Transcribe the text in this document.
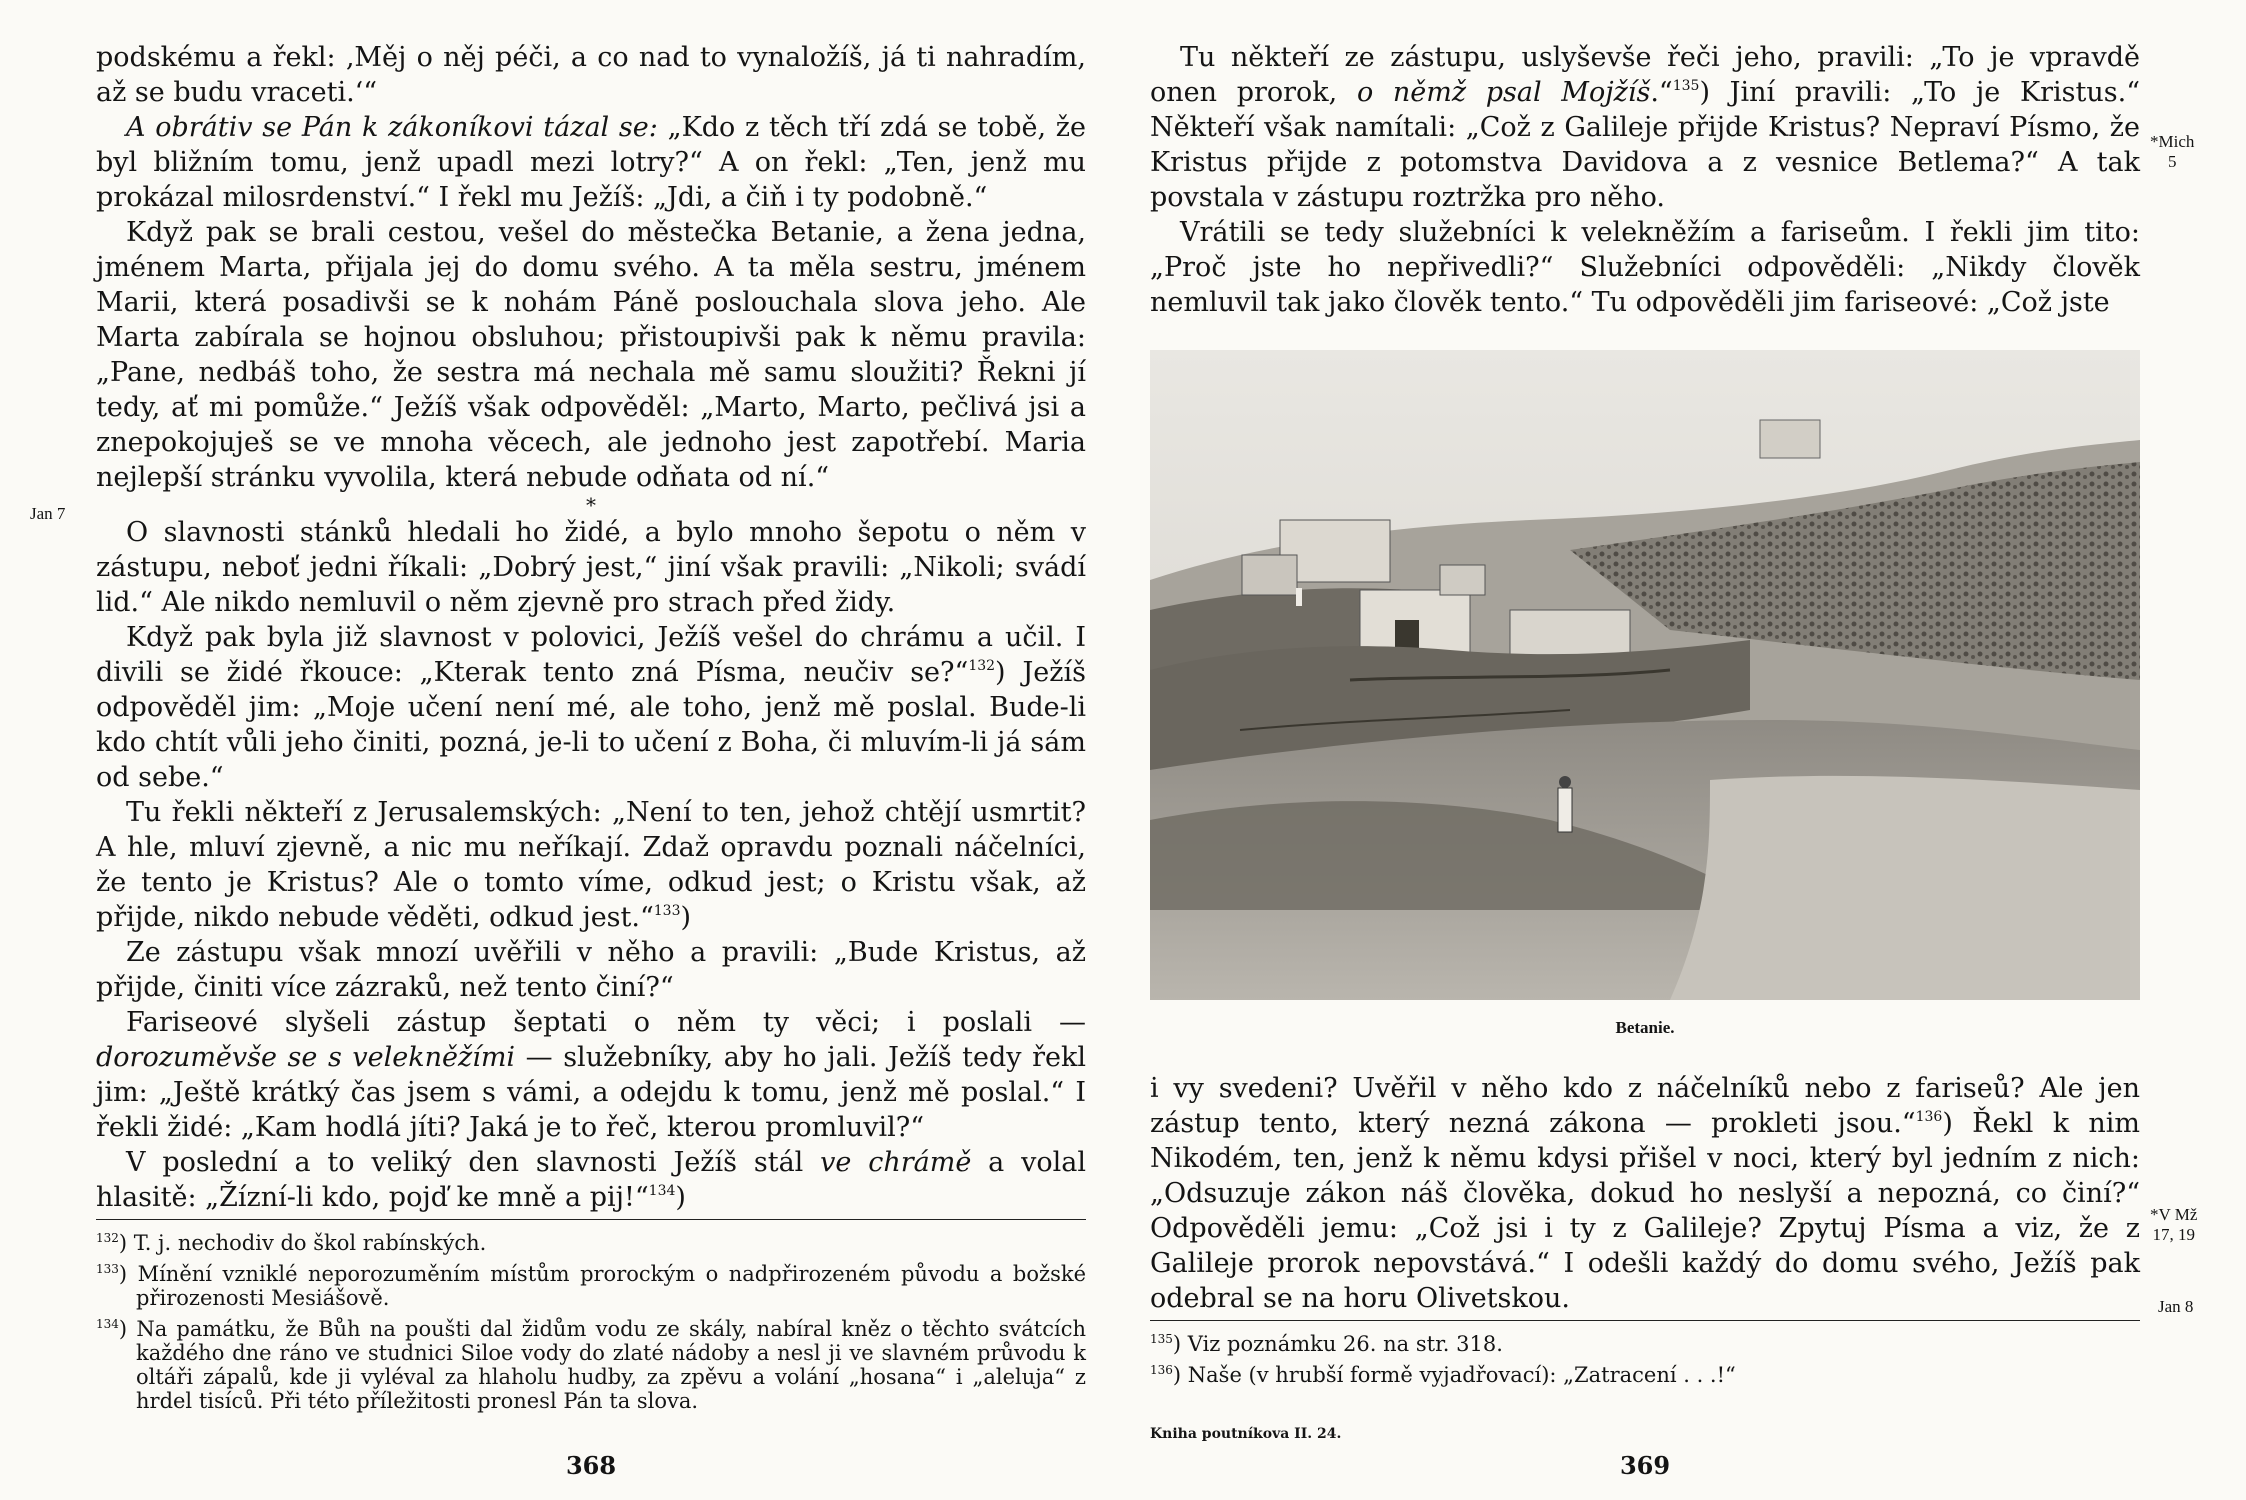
podskému a řekl: ‚Měj o něj péči, a co nad to vynaložíš, já ti nahradím, až se budu vraceti.‘“

A obrátiv se Pán k zákoníkovi tázal se: „Kdo z těch tří zdá se tobě, že byl bližním tomu, jenž upadl mezi lotry?“ A on řekl: „Ten, jenž mu prokázal milosrdenství.“ I řekl mu Ježíš: „Jdi, a čiň i ty podobně.“

Když pak se brali cestou, vešel do městečka Betanie, a žena jedna, jménem Marta, přijala jej do domu svého. A ta měla sestru, jménem Marii, která posadivši se k nohám Páně poslouchala slova jeho. Ale Marta zabírala se hojnou obsluhou; přistoupivši pak k němu pravila: „Pane, nedbáš toho, že sestra má nechala mě samu sloužiti? Řekni jí tedy, ať mi pomůže.“ Ježíš však odpověděl: „Marto, Marto, pečlivá jsi a znepokojuješ se ve mnoha věcech, ale jednoho jest zapotřebí. Maria nejlepší stránku vyvolila, která nebude odňata od ní.“

*

O slavnosti stánků hledali ho židé, a bylo mnoho šepotu o něm v zástupu, neboť jedni říkali: „Dobrý jest,“ jiní však pravili: „Nikoli; svádí lid.“ Ale nikdo nemluvil o něm zjevně pro strach před židy.

Když pak byla již slavnost v polovici, Ježíš vešel do chrámu a učil. I divili se židé řkouce: „Kterak tento zná Písma, neučiv se?“$^{132}$) Ježíš odpověděl jim: „Moje učení není mé, ale toho, jenž mě poslal. Bude-li kdo chtít vůli jeho činiti, pozná, je-li to učení z Boha, či mluvím-li já sám od sebe.“

Tu řekli někteří z Jerusalemských: „Není to ten, jehož chtějí usmrtit? A hle, mluví zjevně, a nic mu neříkají. Zdaž opravdu poznali náčelníci, že tento je Kristus? Ale o tomto víme, odkud jest; o Kristu však, až přijde, nikdo nebude věděti, odkud jest.“$^{133}$)

Ze zástupu však mnozí uvěřili v něho a pravili: „Bude Kristus, až přijde, činiti více zázraků, než tento činí?“

Fariseové slyšeli zástup šeptati o něm ty věci; i poslali — dorozuměvše se s velekněžími — služebníky, aby ho jali. Ježíš tedy řekl jim: „Ještě krátký čas jsem s vámi, a odejdu k tomu, jenž mě poslal.“ I řekli židé: „Kam hodlá jíti? Jaká je to řeč, kterou promluvil?“

V poslední a to veliký den slavnosti Ježíš stál ve chrámě a volal hlasitě: „Žízní-li kdo, pojď ke mně a pij!“$^{134}$)

$^{132}$) T. j. nechodiv do škol rabínských.

$^{133}$) Mínění vzniklé neporozuměním místům prorockým o nadpřirozeném původu a božské přirozenosti Mesiášově.

$^{134}$) Na památku, že Bůh na poušti dal židům vodu ze skály, nabíral kněz o těchto svátcích každého dne ráno ve studnici Siloe vody do zlaté nádoby a nesl ji ve slavném průvodu k oltáři zápalů, kde ji vyléval za hlaholu hudby, za zpěvu a volání „hosana“ i „aleluja“ z hrdel tisíců. Při této příležitosti pronesl Pán ta slova.

368
Jan 7

Tu někteří ze zástupu, uslyševše řeči jeho, pravili: „To je vpravdě onen prorok, o němž psal Mojžíš.“$^{135}$) Jiní pravili: „To je Kristus.“ Někteří však namítali: „Což z Galileje přijde Kristus? Nepraví Písmo, že Kristus přijde z potomstva Davidova a z vesnice Betlema?“ A tak povstala v zástupu roztržka pro něho.

Vrátili se tedy služebníci k velekněžím a fariseům. I řekli jim tito: „Proč jste ho nepřivedli?“ Služebníci odpověděli: „Nikdy člověk nemluvil tak jako člověk tento.“ Tu odpověděli jim fariseové: „Což jste

Betanie.

i vy svedeni? Uvěřil v něho kdo z náčelníků nebo z fariseů? Ale jen zástup tento, který nezná zákona — prokleti jsou.“$^{136}$) Řekl k nim Nikodém, ten, jenž k němu kdysi přišel v noci, který byl jedním z nich: „Odsuzuje zákon náš člověka, dokud ho neslyší a nepozná, co činí?“ Odpověděli jemu: „Což jsi i ty z Galileje? Zpytuj Písma a viz, že z Galileje prorok nepovstává.“ I odešli každý do domu svého, Ježíš pak odebral se na horu Olivetskou.

$^{135}$) Viz poznámku 26. na str. 318.

$^{136}$) Naše (v hrubší formě vyjadřovací): „Zatracení . . .!“

Kniha poutníkova II. 24.
369
*Mich
5
*V Mž
17, 19
Jan 8
